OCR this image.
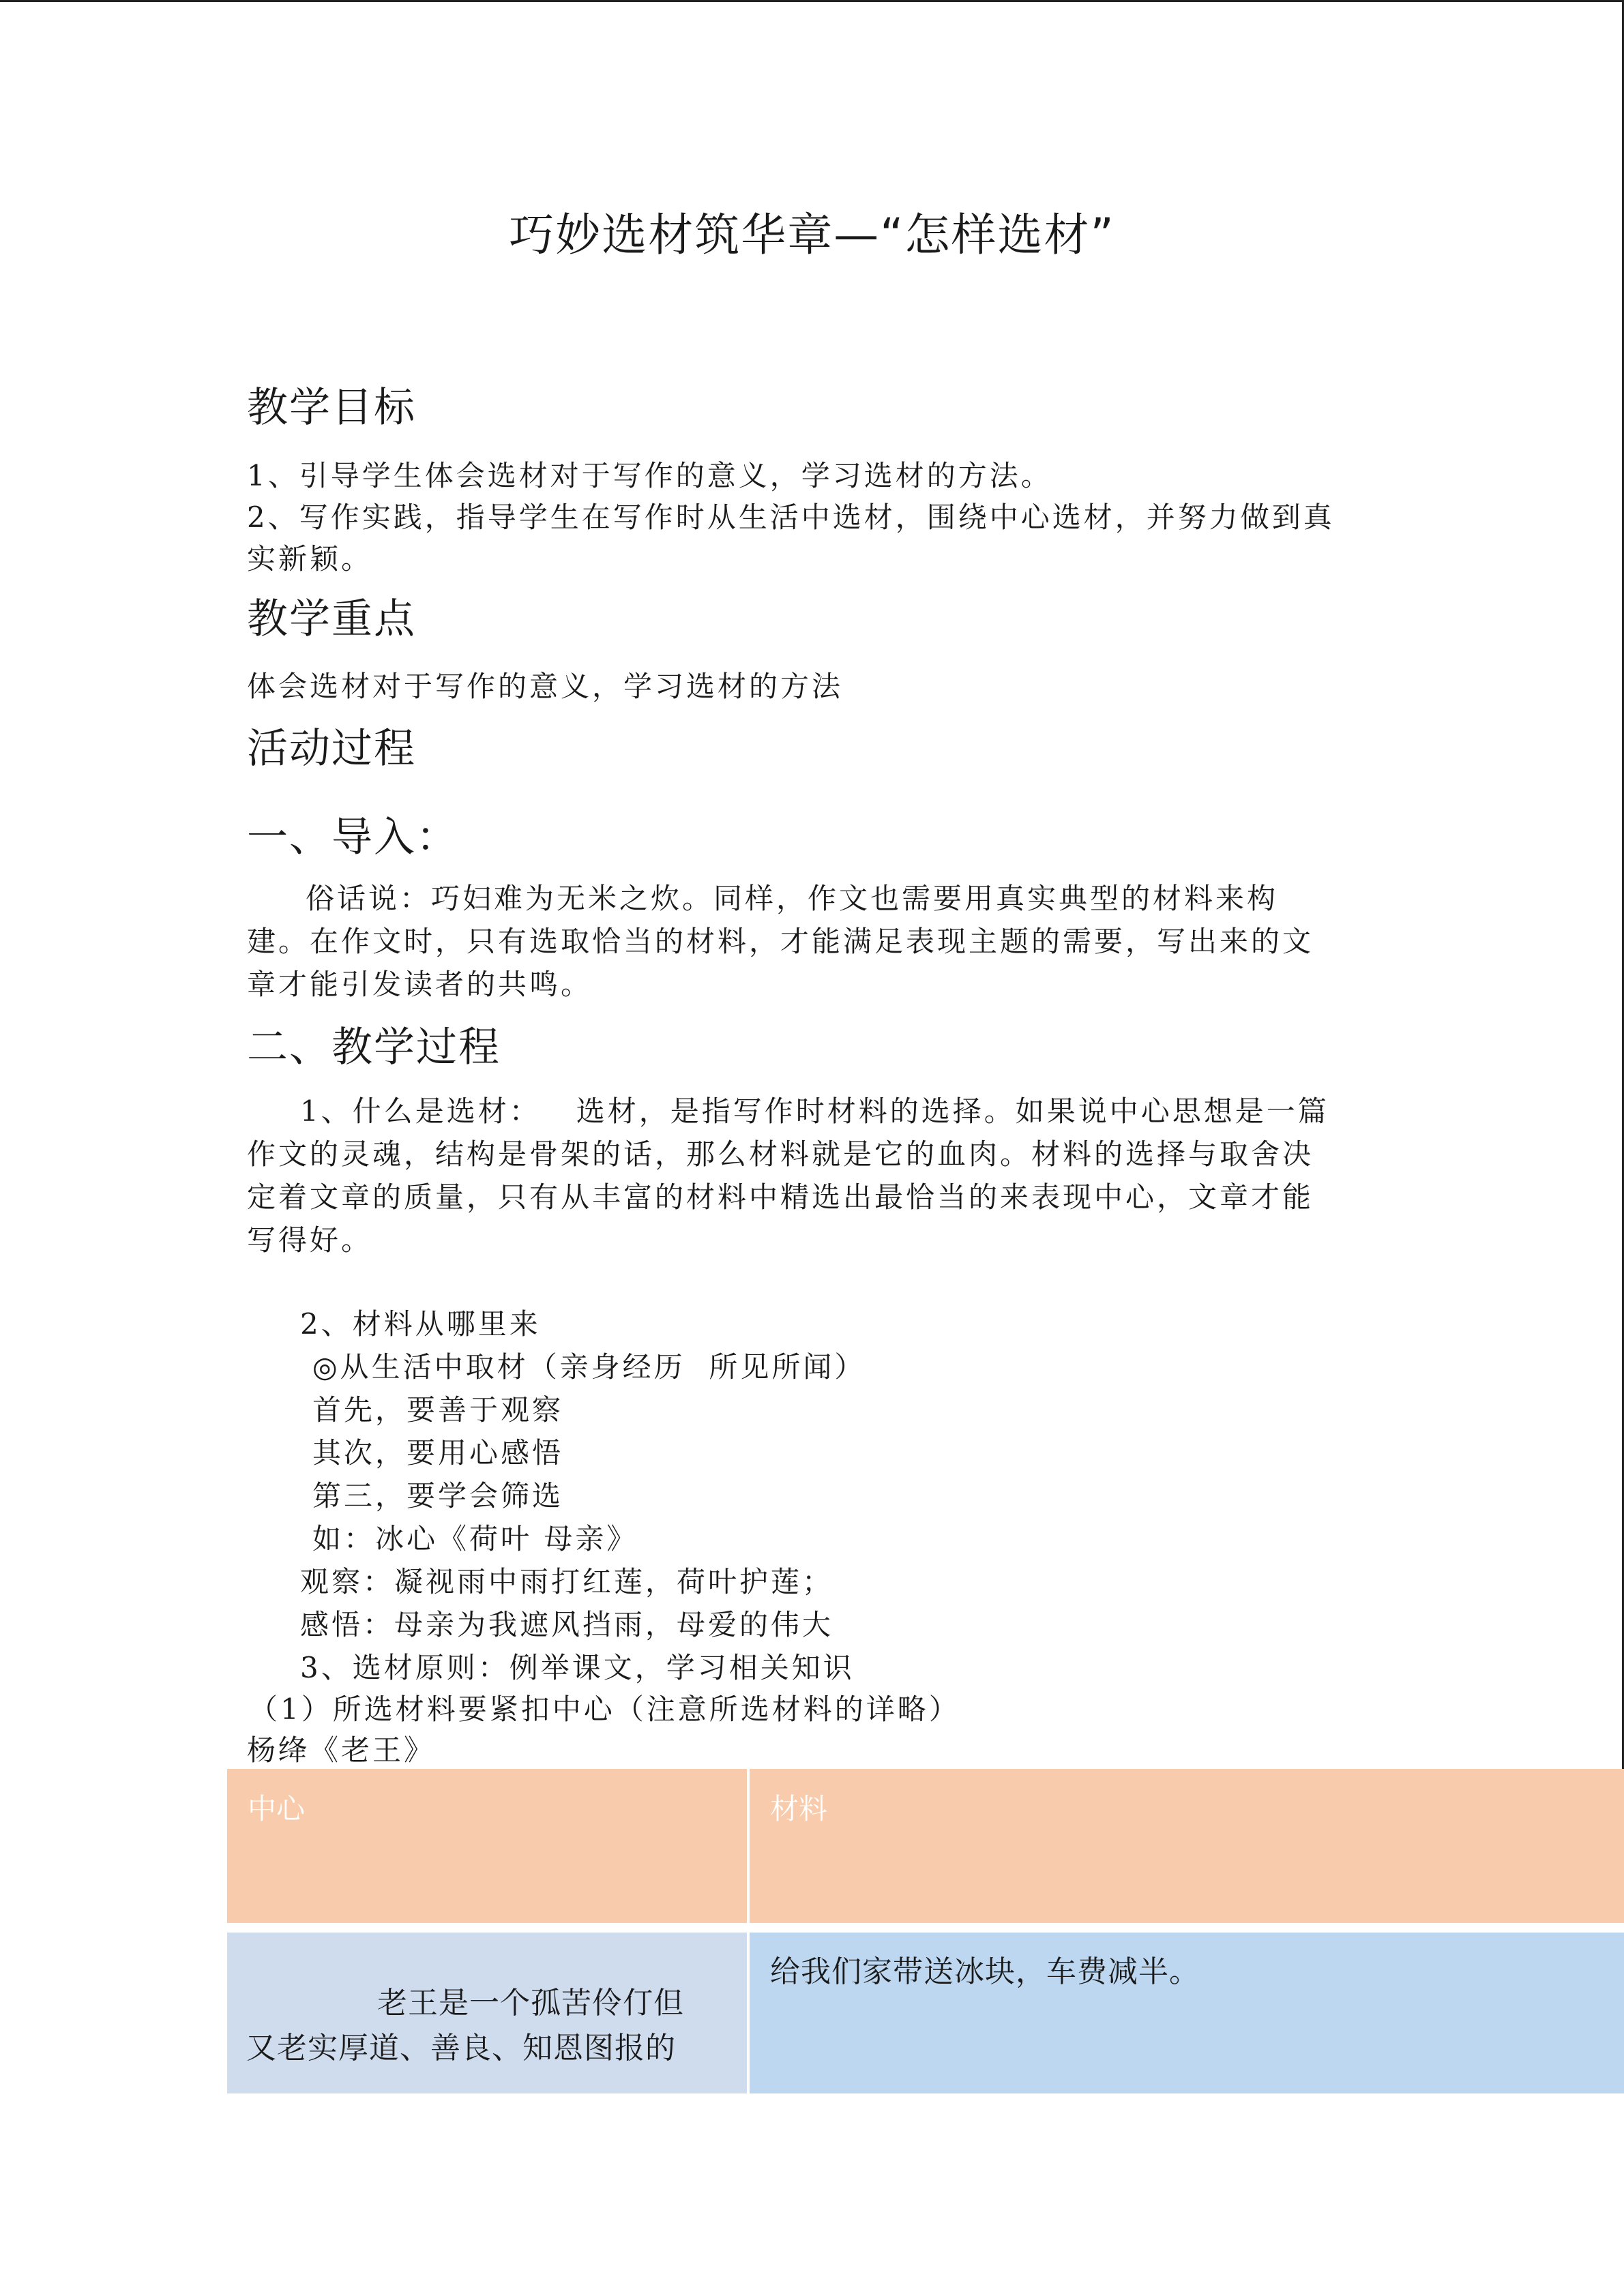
巧妙选材筑华章—“怎样选材”
教学目标
1、引导学生体会选材对于写作的意义，学习选材的方法。
2、写作实践，指导学生在写作时从生活中选材，围绕中心选材，并努力做到真
实新颖。
教学重点
体会选材对于写作的意义，学习选材的方法
活动过程
一、导入：
俗话说：巧妇难为无米之炊。同样，作文也需要用真实典型的材料来构
建。在作文时，只有选取恰当的材料，才能满足表现主题的需要，写出来的文
章才能引发读者的共鸣。
二、教学过程
1、什么是选材：   选材，是指写作时材料的选择。如果说中心思想是一篇
作文的灵魂，结构是骨架的话，那么材料就是它的血肉。材料的选择与取舍决
定着文章的质量，只有从丰富的材料中精选出最恰当的来表现中心，文章才能
写得好。
2、材料从哪里来
◎从生活中取材（亲身经历  所见所闻）
首先，要善于观察
其次，要用心感悟
第三，要学会筛选
如：冰心《荷叶 母亲》
观察：凝视雨中雨打红莲，荷叶护莲；
感悟：母亲为我遮风挡雨，母爱的伟大
3、选材原则：例举课文，学习相关知识
（1）所选材料要紧扣中心（注意所选材料的详略）
杨绛《老王》
中心	材料
老王是一个孤苦伶仃但
又老实厚道、善良、知恩图报的
给我们家带送冰块，车费减半。
